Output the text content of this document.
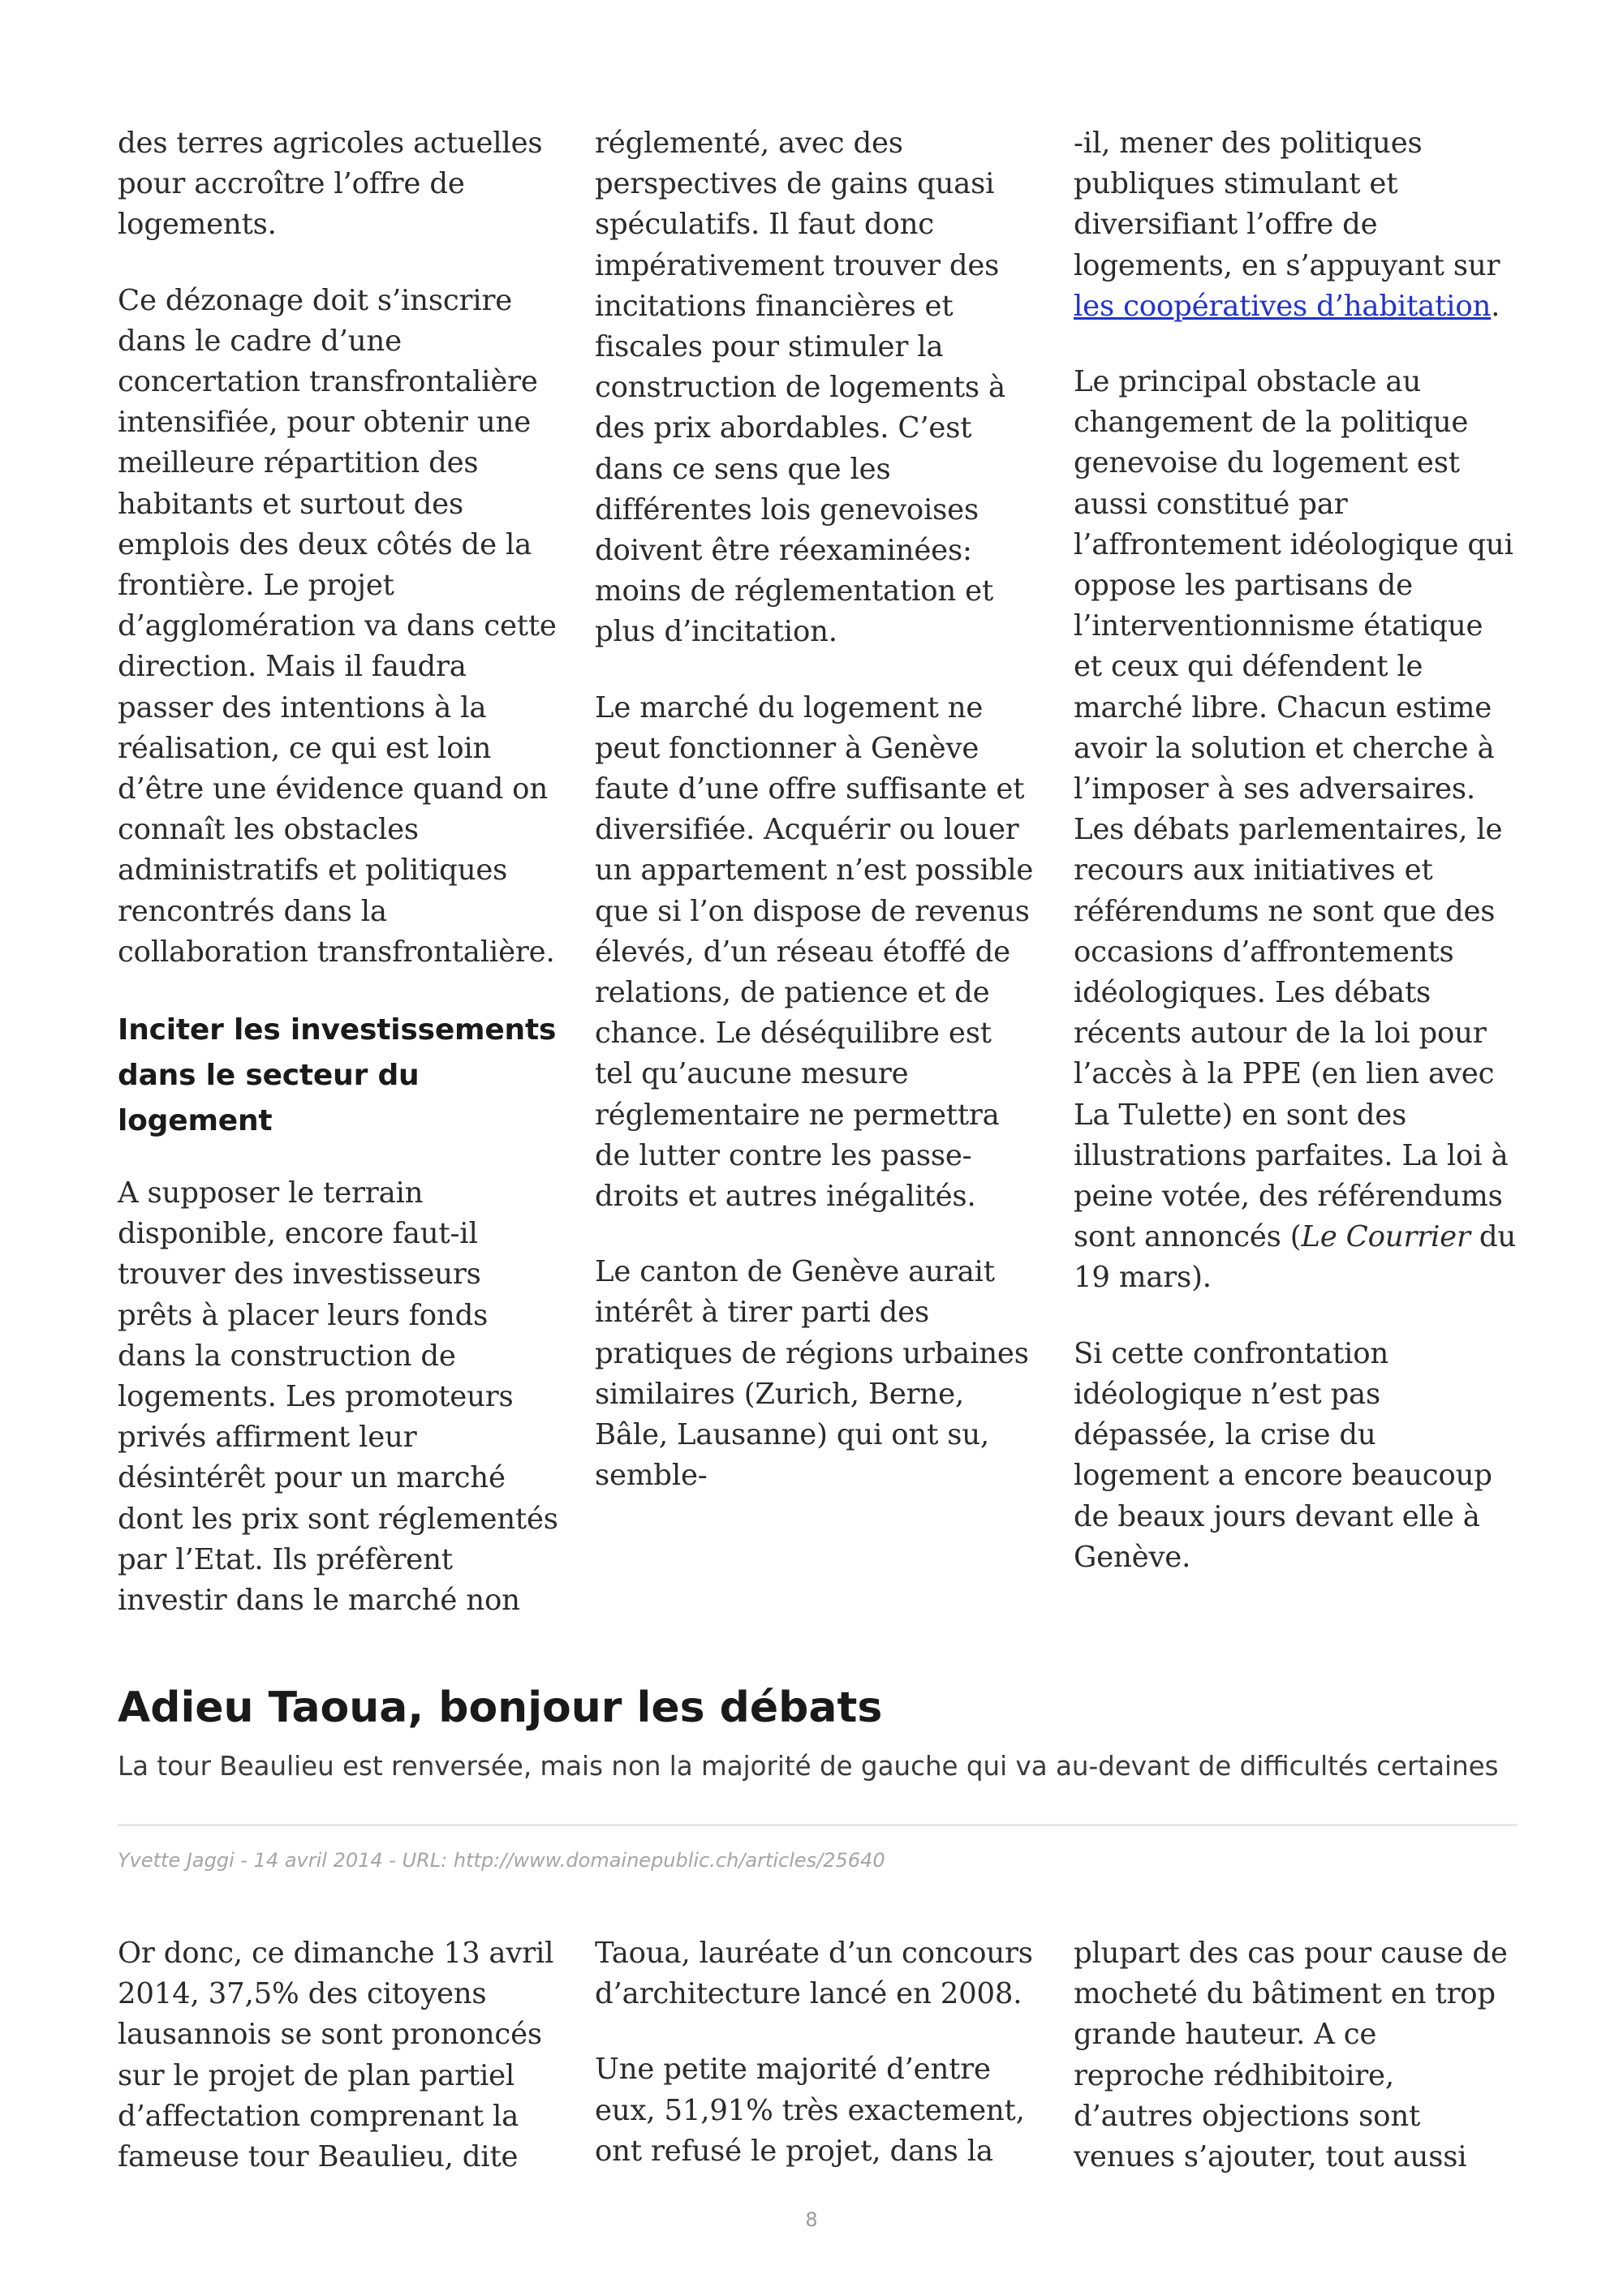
des terres agricoles actuelles pour accroître l’offre de logements.

Ce dézonage doit s’inscrire dans le cadre d’une concertation transfrontalière intensifiée, pour obtenir une meilleure répartition des habitants et surtout des emplois des deux côtés de la frontière. Le projet d’agglomération va dans cette direction. Mais il faudra passer des intentions à la réalisation, ce qui est loin d’être une évidence quand on connaît les obstacles administratifs et politiques rencontrés dans la collaboration transfrontalière.

Inciter les investissements dans le secteur du logement

A supposer le terrain disponible, encore faut-il trouver des investisseurs prêts à placer leurs fonds dans la construction de logements. Les promoteurs privés affirment leur désintérêt pour un marché dont les prix sont réglementés par l’Etat. Ils préfèrent investir dans le marché non

réglementé, avec des perspectives de gains quasi spéculatifs. Il faut donc impérativement trouver des incitations financières et fiscales pour stimuler la construction de logements à des prix abordables. C’est dans ce sens que les différentes lois genevoises doivent être réexaminées: moins de réglementation et plus d’incitation.

Le marché du logement ne peut fonctionner à Genève faute d’une offre suffisante et diversifiée. Acquérir ou louer un appartement n’est possible que si l’on dispose de revenus élevés, d’un réseau étoffé de relations, de patience et de chance. Le déséquilibre est tel qu’aucune mesure réglementaire ne permettra de lutter contre les passe-droits et autres inégalités.

Le canton de Genève aurait intérêt à tirer parti des pratiques de régions urbaines similaires (Zurich, Berne, Bâle, Lausanne) qui ont su, semble-

-il, mener des politiques publiques stimulant et diversifiant l’offre de logements, en s’appuyant sur les coopératives d’habitation.

Le principal obstacle au changement de la politique genevoise du logement est aussi constitué par l’affrontement idéologique qui oppose les partisans de l’interventionnisme étatique et ceux qui défendent le marché libre. Chacun estime avoir la solution et cherche à l’imposer à ses adversaires. Les débats parlementaires, le recours aux initiatives et référendums ne sont que des occasions d’affrontements idéologiques. Les débats récents autour de la loi pour l’accès à la PPE (en lien avec La Tulette) en sont des illustrations parfaites. La loi à peine votée, des référendums sont annoncés (Le Courrier du 19 mars).

Si cette confrontation idéologique n’est pas dépassée, la crise du logement a encore beaucoup de beaux jours devant elle à Genève.

Adieu Taoua, bonjour les débats

La tour Beaulieu est renversée, mais non la majorité de gauche qui va au-devant de difficultés certaines

Yvette Jaggi - 14 avril 2014 - URL: http://www.domainepublic.ch/articles/25640

Or donc, ce dimanche 13 avril 2014, 37,5% des citoyens lausannois se sont prononcés sur le projet de plan partiel d’affectation comprenant la fameuse tour Beaulieu, dite

Taoua, lauréate d’un concours d’architecture lancé en 2008.

Une petite majorité d’entre eux, 51,91% très exactement, ont refusé le projet, dans la

plupart des cas pour cause de mocheté du bâtiment en trop grande hauteur. A ce reproche rédhibitoire, d’autres objections sont venues s’ajouter, tout aussi

8
